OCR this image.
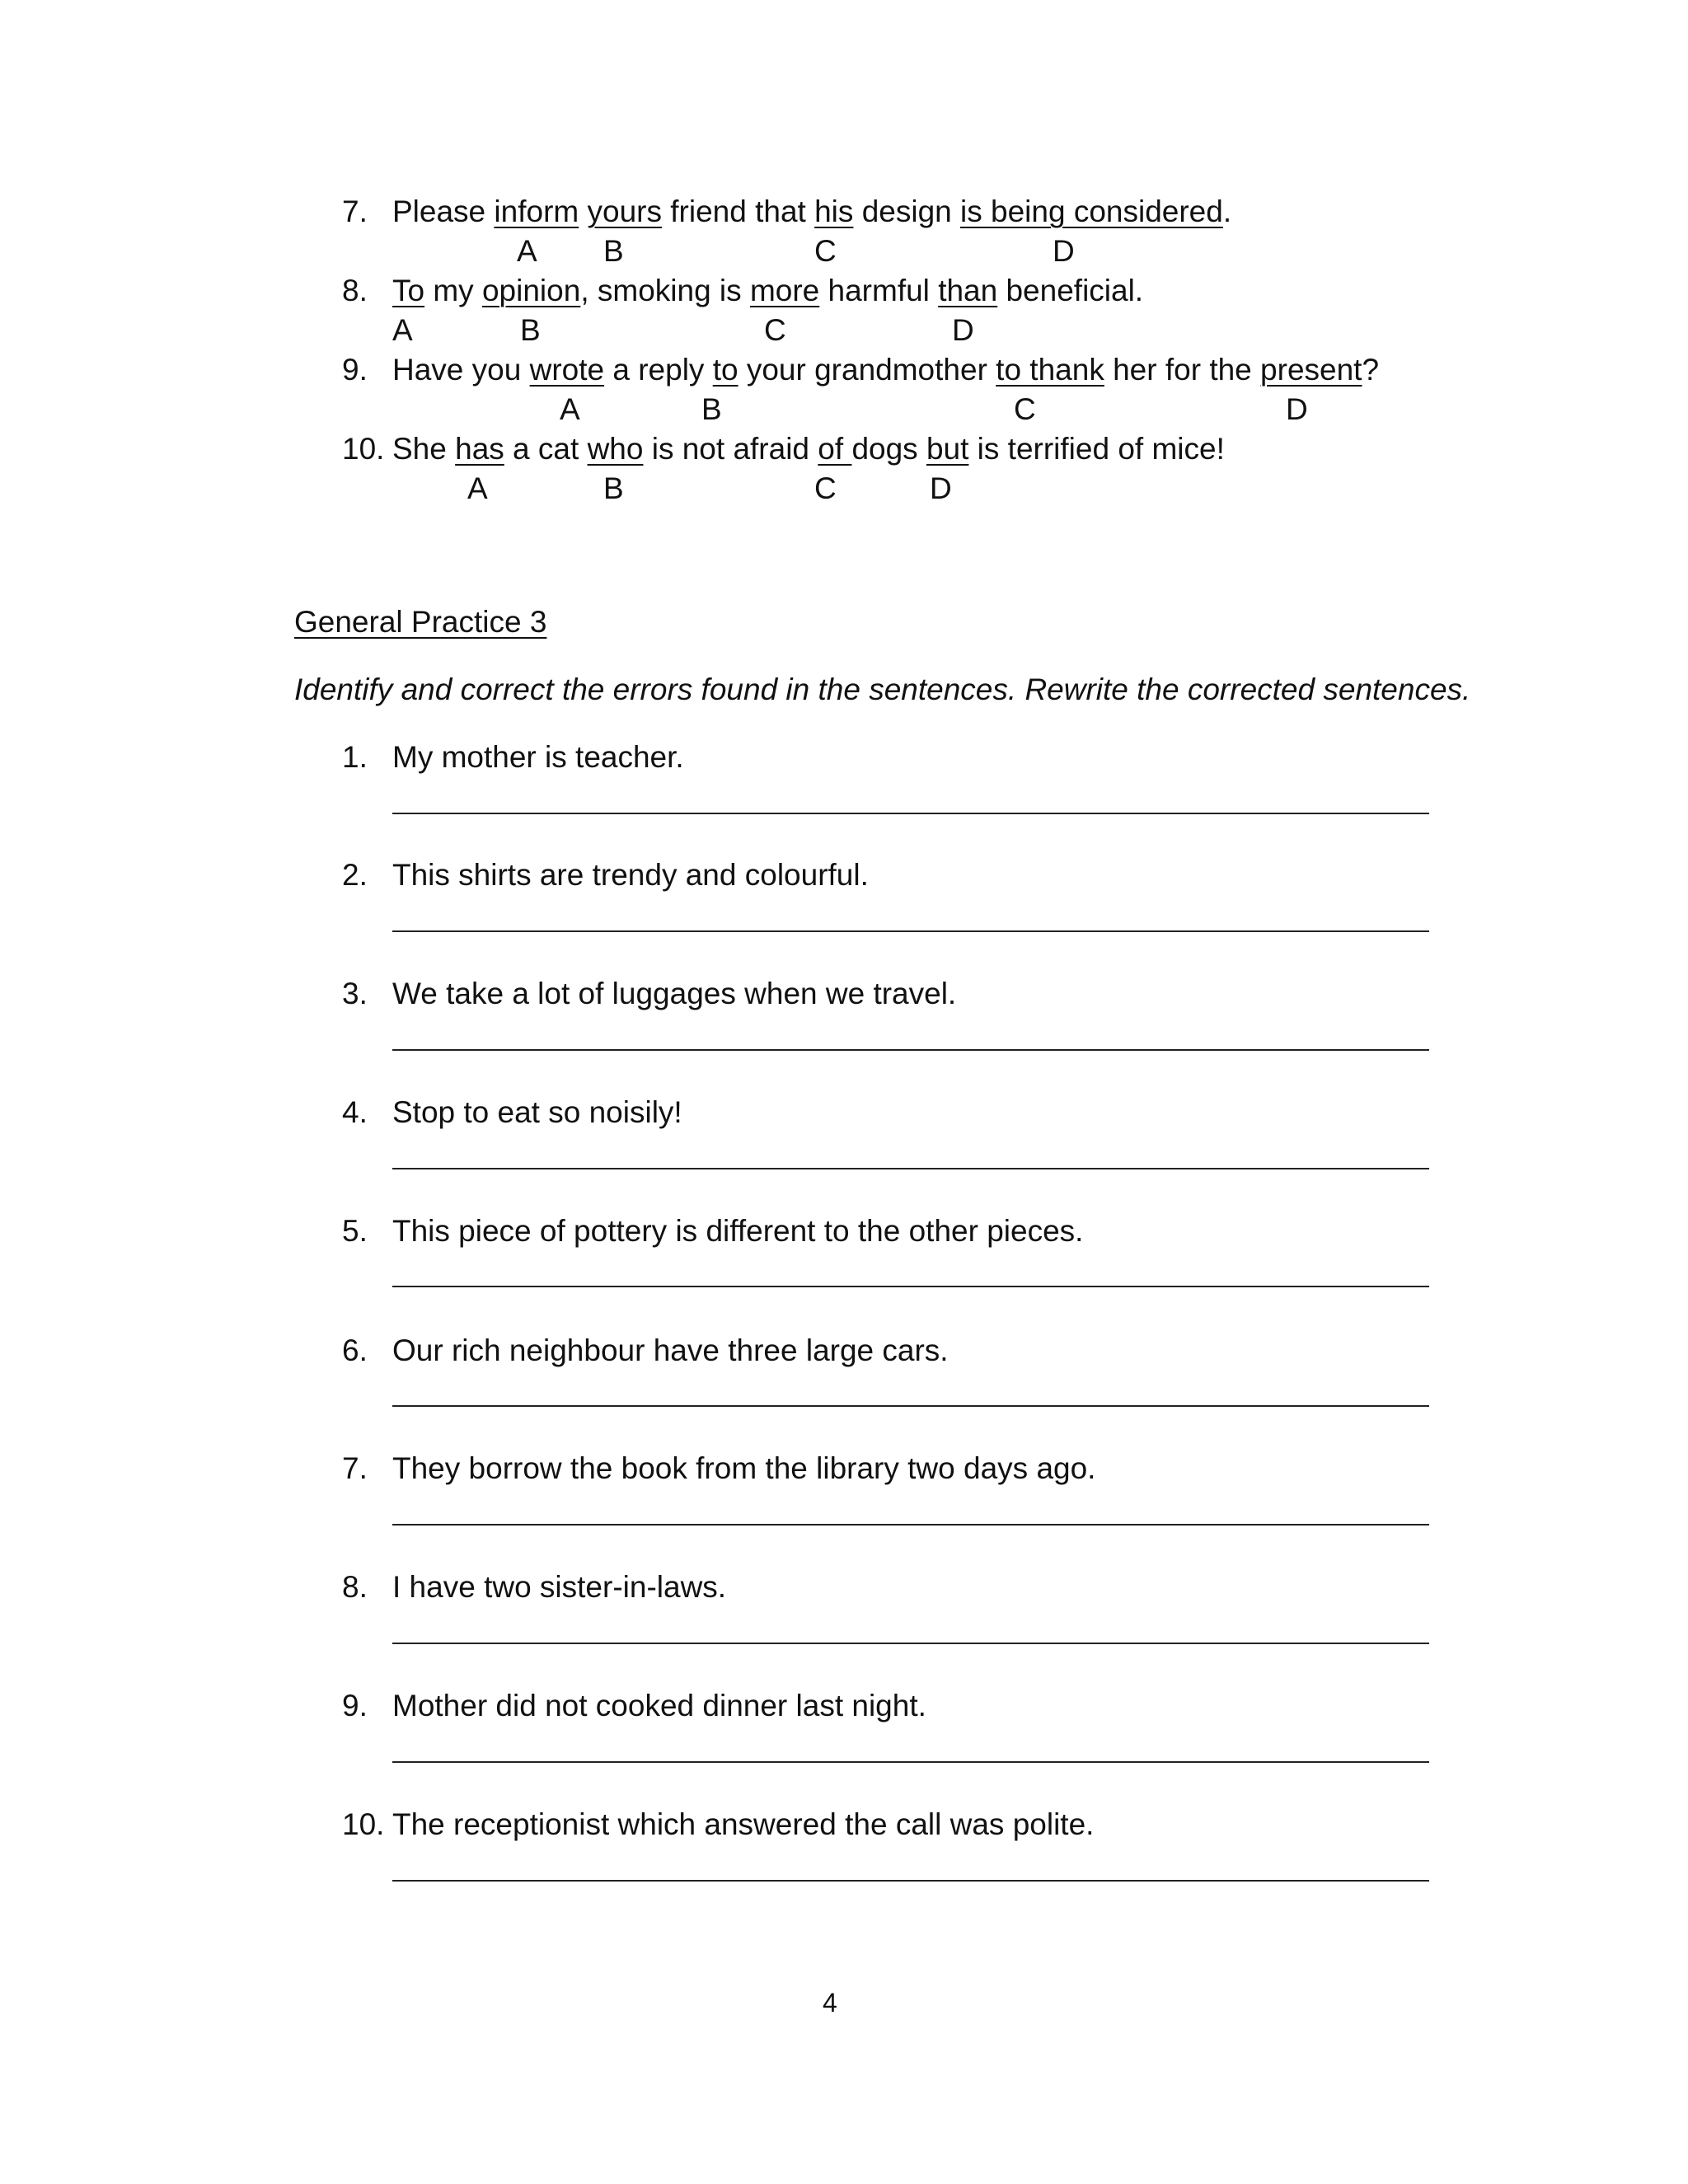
7. Please inform yours friend that his design is being considered.
A B	C	D
8. To my opinion, smoking is more harmful than beneficial.
A	B	C	D
9. Have you wrote a reply to your grandmother to thank her for the present?
A	B	C	D
10. She has a cat who is not afraid of dogs but is terrified of mice!
A	B	C	D
General Practice 3
Identify and correct the errors found in the sentences. Rewrite the corrected sentences.
1. My mother is teacher.
2. This shirts are trendy and colourful.
3. We take a lot of luggages when we travel.
4. Stop to eat so noisily!
5. This piece of pottery is different to the other pieces.
6. Our rich neighbour have three large cars.
7. They borrow the book from the library two days ago.
8. I have two sister-in-laws.
9. Mother did not cooked dinner last night.
10. The receptionist which answered the call was polite.
4
